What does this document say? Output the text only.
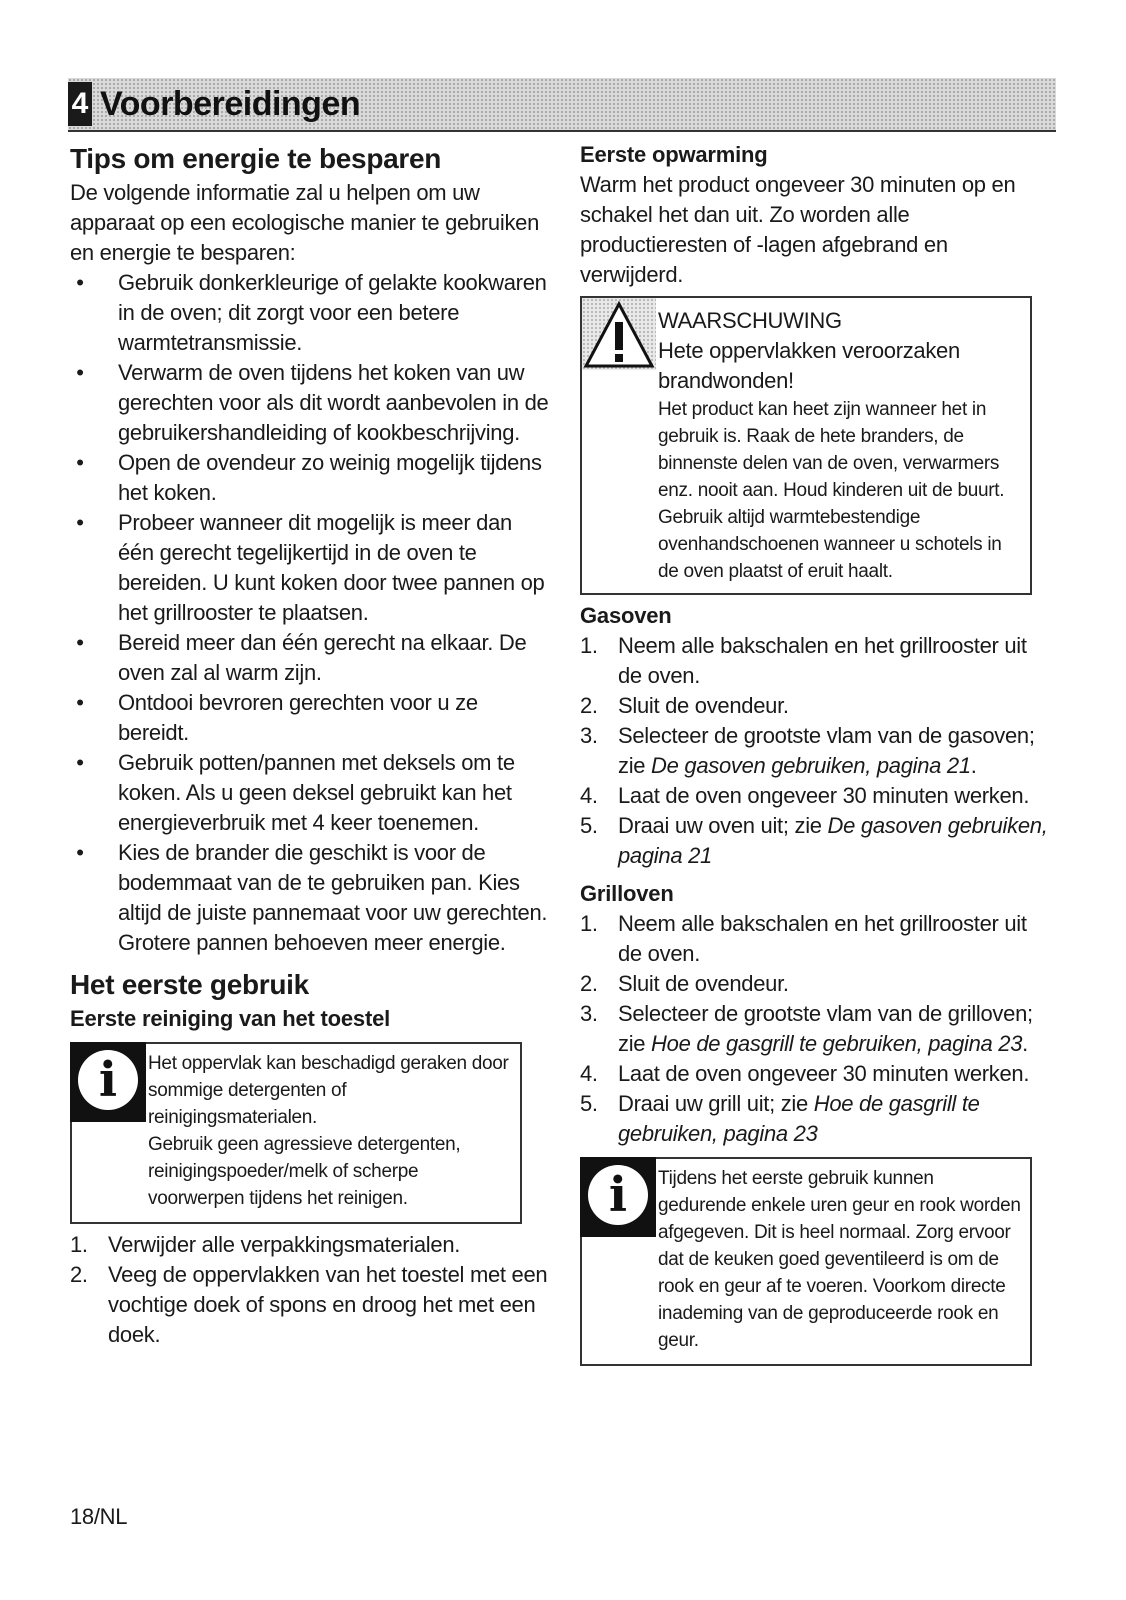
4 Voorbereidingen
Tips om energie te besparen

De volgende informatie zal u helpen om uw apparaat op een ecologische manier te gebruiken en energie te besparen:

• Gebruik donkerkleurige of gelakte kookwaren in de oven; dit zorgt voor een betere warmtetransmissie.
• Verwarm de oven tijdens het koken van uw gerechten voor als dit wordt aanbevolen in de gebruikershandleiding of kookbeschrijving.
• Open de ovendeur zo weinig mogelijk tijdens het koken.
• Probeer wanneer dit mogelijk is meer dan één gerecht tegelijkertijd in de oven te bereiden. U kunt koken door twee pannen op het grillrooster te plaatsen.
• Bereid meer dan één gerecht na elkaar. De oven zal al warm zijn.
• Ontdooi bevroren gerechten voor u ze bereidt.
• Gebruik potten/pannen met deksels om te koken. Als u geen deksel gebruikt kan het energieverbruik met 4 keer toenemen.
• Kies de brander die geschikt is voor de bodemmaat van de te gebruiken pan. Kies altijd de juiste pannemaat voor uw gerechten. Grotere pannen behoeven meer energie.
Het eerste gebruik
Eerste reiniging van het toestel
i	Het oppervlak kan beschadigd geraken door sommige detergenten of reinigingsmaterialen.
Gebruik geen agressieve detergenten, reinigingspoeder/melk of scherpe voorwerpen tijdens het reinigen.
1. Verwijder alle verpakkingsmaterialen.
2. Veeg de oppervlakken van het toestel met een vochtige doek of spons en droog het met een doek.
Eerste opwarming

Warm het product ongeveer 30 minuten op en schakel het dan uit. Zo worden alle productieresten of -lagen afgebrand en verwijderd.

WAARSCHUWING
Hete oppervlakken veroorzaken brandwonden!
Het product kan heet zijn wanneer het in gebruik is. Raak de hete branders, de binnenste delen van de oven, verwarmers enz. nooit aan. Houd kinderen uit de buurt. Gebruik altijd warmtebestendige ovenhandschoenen wanneer u schotels in de oven plaatst of eruit haalt.
Gasoven
1. Neem alle bakschalen en het grillrooster uit de oven.
2. Sluit de ovendeur.
3. Selecteer de grootste vlam van de gasoven; zie De gasoven gebruiken, pagina 21.
4. Laat de oven ongeveer 30 minuten werken.
5. Draai uw oven uit; zie De gasoven gebruiken, pagina 21
Grilloven
1. Neem alle bakschalen en het grillrooster uit de oven.
2. Sluit de ovendeur.
3. Selecteer de grootste vlam van de grilloven; zie Hoe de gasgrill te gebruiken, pagina 23.
4. Laat de oven ongeveer 30 minuten werken.
5. Draai uw grill uit; zie Hoe de gasgrill te gebruiken, pagina 23
i	Tijdens het eerste gebruik kunnen gedurende enkele uren geur en rook worden afgegeven. Dit is heel normaal. Zorg ervoor dat de keuken goed geventileerd is om de rook en geur af te voeren. Voorkom directe inademing van de geproduceerde rook en geur.
18/NL
